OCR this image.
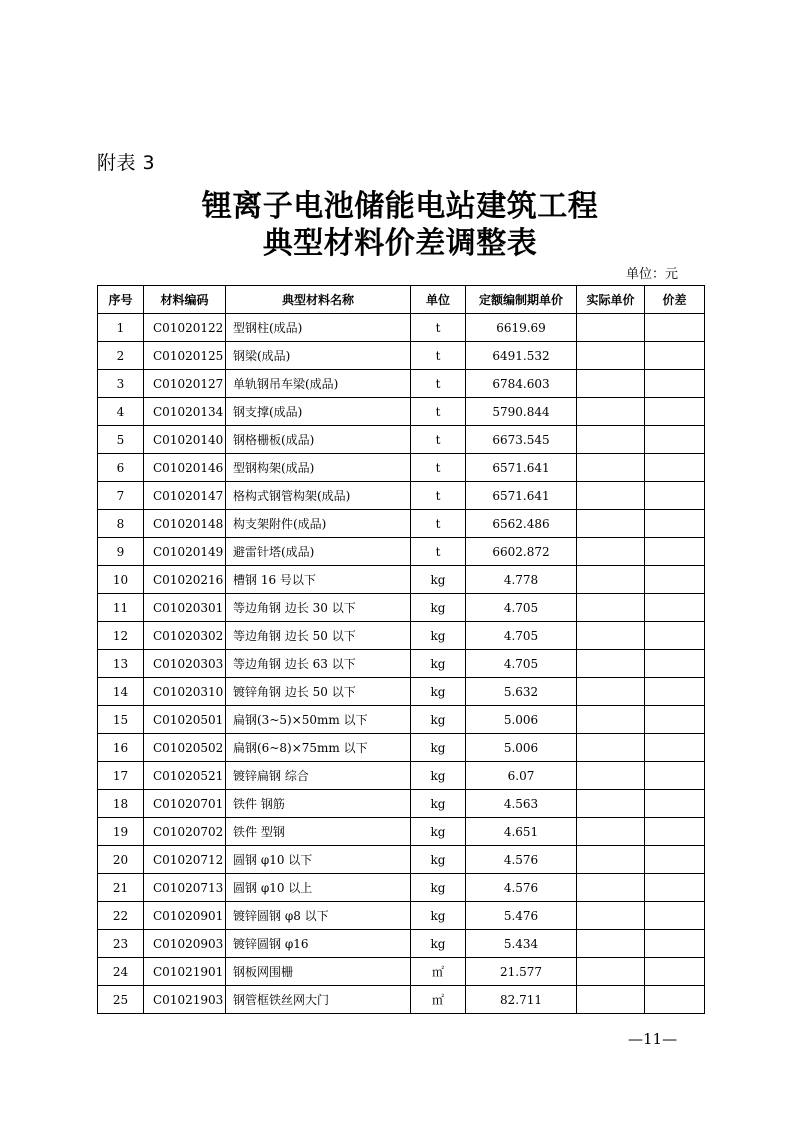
附表 3
锂离子电池储能电站建筑工程
典型材料价差调整表
单位：元
序号	材料编码	典型材料名称	单位	定额编制期单价	实际单价	价差
1	C01020122	型钢柱(成品)	t	6619.69		
2	C01020125	钢梁(成品)	t	6491.532		
3	C01020127	单轨钢吊车梁(成品)	t	6784.603		
4	C01020134	钢支撑(成品)	t	5790.844		
5	C01020140	钢格栅板(成品)	t	6673.545		
6	C01020146	型钢构架(成品)	t	6571.641		
7	C01020147	格构式钢管构架(成品)	t	6571.641		
8	C01020148	构支架附件(成品)	t	6562.486		
9	C01020149	避雷针塔(成品)	t	6602.872		
10	C01020216	槽钢 16 号以下	kg	4.778		
11	C01020301	等边角钢 边长 30 以下	kg	4.705		
12	C01020302	等边角钢 边长 50 以下	kg	4.705		
13	C01020303	等边角钢 边长 63 以下	kg	4.705		
14	C01020310	镀锌角钢 边长 50 以下	kg	5.632		
15	C01020501	扁钢(3~5)×50mm 以下	kg	5.006		
16	C01020502	扁钢(6~8)×75mm 以下	kg	5.006		
17	C01020521	镀锌扁钢 综合	kg	6.07		
18	C01020701	铁件 钢筋	kg	4.563		
19	C01020702	铁件 型钢	kg	4.651		
20	C01020712	圆钢 φ10 以下	kg	4.576		
21	C01020713	圆钢 φ10 以上	kg	4.576		
22	C01020901	镀锌圆钢 φ8 以下	kg	5.476		
23	C01020903	镀锌圆钢 φ16	kg	5.434		
24	C01021901	钢板网围栅	㎡	21.577		
25	C01021903	钢管框铁丝网大门	㎡	82.711		
—11—
